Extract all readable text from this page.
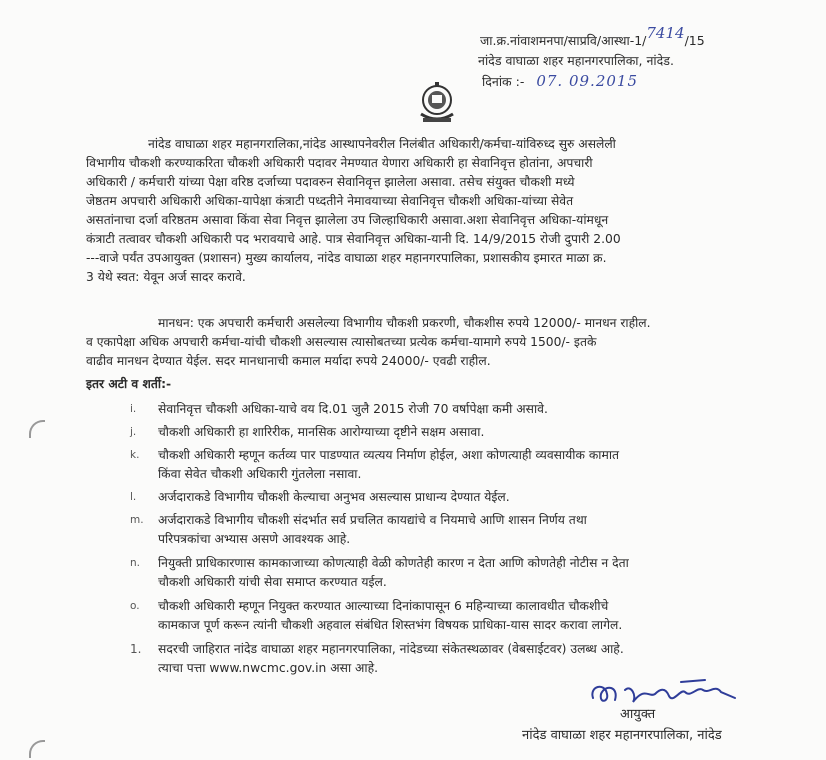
जा.क्र.नांवाशमनपा/साप्रवि/आस्था-1/7414/15
नांदेड वाघाळा शहर महानगरपालिका, नांदेड.
दिनांक :- 07. 09.2015

नांदेड वाघाळा शहर महानगरालिका,नांदेड आस्थापनेवरील निलंबीत अधिकारी/कर्मचा-यांविरुध्द सुरु असलेली

विभागीय चौकशी करण्याकरिता चौकशी अधिकारी पदावर नेमण्यात येणारा अधिकारी हा सेवानिवृत्त होतांना, अपचारी

अधिकारी / कर्मचारी यांच्या पेक्षा वरिष्ठ दर्जाच्या पदावरुन सेवानिवृत्त झालेला असावा. तसेच संयुक्त चौकशी मध्ये

जेष्ठतम अपचारी अधिकारी अधिका-यापेक्षा कंत्राटी पध्दतीने नेमावयाच्या सेवानिवृत्त चौकशी अधिका-यांच्या सेवेत

असतांनाचा दर्जा वरिष्ठतम असावा किंवा सेवा निवृत्त झालेला उप जिल्हाधिकारी असावा.अशा सेवानिवृत्त अधिका-यांमधून

कंत्राटी तत्वावर चौकशी अधिकारी पद भरावयाचे आहे. पात्र सेवानिवृत्त अधिका-यानी दि. 14/9/2015 रोजी दुपारी 2.00

---वाजे पर्यंत उपआयुक्त (प्रशासन) मुख्य कार्यालय, नांदेड वाघाळा शहर महानगरपालिका, प्रशासकीय इमारत माळा क्र.

3 येथे स्वत: येवून अर्ज सादर करावे.

मानधन: एक अपचारी कर्मचारी असलेल्या विभागीय चौकशी प्रकरणी, चौकशीस रुपये 12000/- मानधन राहील.

व एकापेक्षा अधिक अपचारी कर्मचा-यांची चौकशी असल्यास त्यासोबतच्या प्रत्येक कर्मचा-यामागे रुपये 1500/- इतके

वाढीव मानधन देण्यात येईल. सदर मानधानाची कमाल मर्यादा रुपये 24000/- एवढी राहील.

इतर अटी व शर्ती:-
i. सेवानिवृत्त चौकशी अधिका-याचे वय दि.01 जुलै 2015 रोजी 70 वर्षापेक्षा कमी असावे.
j. चौकशी अधिकारी हा शारिरीक, मानसिक आरोग्याच्या दृष्टीने सक्षम असावा.
k. चौकशी अधिकारी म्हणून कर्तव्य पार पाडण्यात व्यत्यय निर्माण होईल, अशा कोणत्याही व्यवसायीक कामात
किंवा सेवेत चौकशी अधिकारी गुंतलेला नसावा.
l. अर्जदाराकडे विभागीय चौकशी केल्याचा अनुभव असल्यास प्राधान्य देण्यात येईल.
m. अर्जदाराकडे विभागीय चौकशी संदर्भात सर्व प्रचलित कायद्यांचे व नियमाचे आणि शासन निर्णय तथा
परिपत्रकांचा अभ्यास असणे आवश्यक आहे.
n. नियुक्ती प्राधिकारणास कामकाजाच्या कोणत्याही वेळी कोणतेही कारण न देता आणि कोणतेही नोटीस न देता
चौकशी अधिकारी यांची सेवा समाप्त करण्यात यईल.
o. चौकशी अधिकारी म्हणून नियुक्त करण्यात आल्याच्या दिनांकापासून 6 महिन्याच्या कालावधीत चौकशीचे
कामकाज पूर्ण करून त्यांनी चौकशी अहवाल संबंधित शिस्तभंग विषयक प्राधिका-यास सादर करावा लागेल.
1. सदरची जाहिरात नांदेड वाघाळा शहर महानगरपालिका, नांदेडच्या संकेतस्थळावर (वेबसाईटवर) उलब्ध आहे.
त्याचा पत्ता www.nwcmc.gov.in असा आहे.
आयुक्त
नांदेड वाघाळा शहर महानगरपालिका, नांदेड
